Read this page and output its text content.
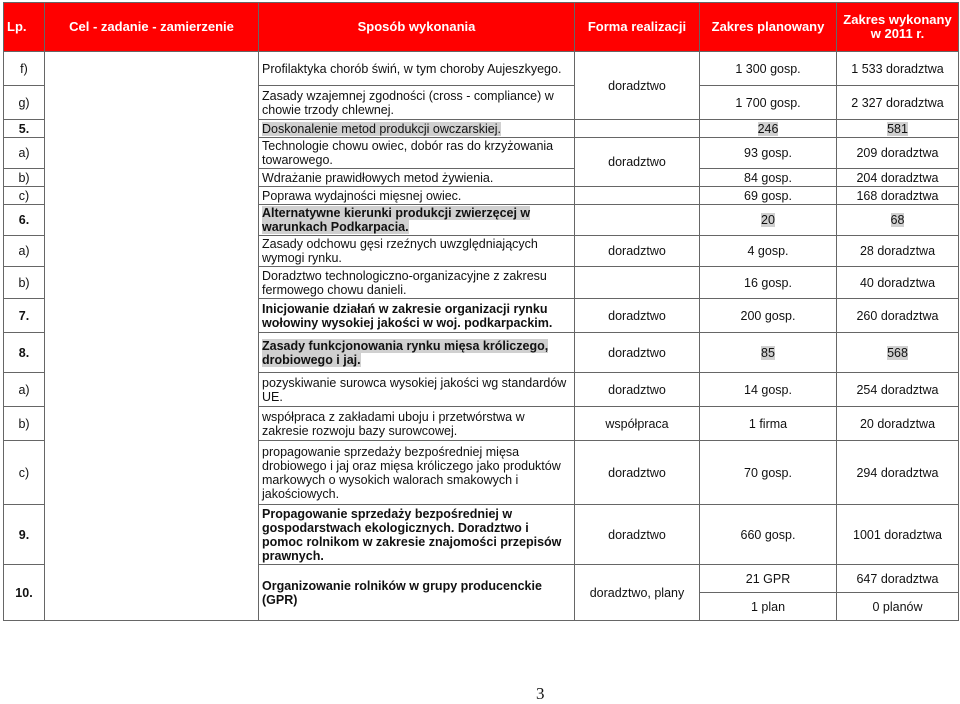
Lp.	Cel - zadanie - zamierzenie	Sposób wykonania	Forma realizacji	Zakres planowany	Zakres wykonany w 2011 r.
f)		Profilaktyka chorób świń, w tym choroby Aujeszkyego.	doradztwo	1 300 gosp.	1 533 doradztwa
g)		Zasady wzajemnej zgodności (cross - compliance) w chowie trzody chlewnej.		1 700 gosp.	2 327 doradztwa
5.		Doskonalenie metod produkcji owczarskiej.		246	581
a)		Technologie chowu owiec, dobór ras do krzyżowania towarowego.	doradztwo	93 gosp.	209 doradztwa
b)		Wdrażanie prawidłowych metod żywienia.		84 gosp.	204 doradztwa
c)		Poprawa wydajności mięsnej owiec.		69 gosp.	168 doradztwa
6.		Alternatywne kierunki produkcji zwierzęcej w warunkach Podkarpacia.		20	68
a)		Zasady odchowu gęsi rzeźnych uwzględniających wymogi rynku.	doradztwo	4 gosp.	28 doradztwa
b)		Doradztwo technologiczno-organizacyjne z zakresu fermowego chowu danieli.		16 gosp.	40 doradztwa
7.		Inicjowanie działań w zakresie organizacji rynku wołowiny wysokiej jakości w woj. podkarpackim.	doradztwo	200 gosp.	260 doradztwa
8.		Zasady funkcjonowania rynku mięsa króliczego, drobiowego i jaj.	doradztwo	85	568
a)		pozyskiwanie surowca wysokiej jakości wg standardów UE.	doradztwo	14 gosp.	254 doradztwa
b)		współpraca z zakładami uboju i przetwórstwa w zakresie rozwoju bazy surowcowej.	współpraca	1 firma	20 doradztwa
c)		propagowanie sprzedaży bezpośredniej mięsa drobiowego i jaj oraz mięsa króliczego jako produktów markowych o wysokich walorach smakowych i jakościowych.	doradztwo	70 gosp.	294 doradztwa
9.		Propagowanie sprzedaży bezpośredniej w gospodarstwach ekologicznych. Doradztwo i pomoc rolnikom w zakresie znajomości przepisów prawnych.	doradztwo	660 gosp.	1001 doradztwa
10.		Organizowanie rolników w grupy producenckie (GPR)	doradztwo, plany	21 GPR	647 doradztwa
				1 plan	0 planów
3
